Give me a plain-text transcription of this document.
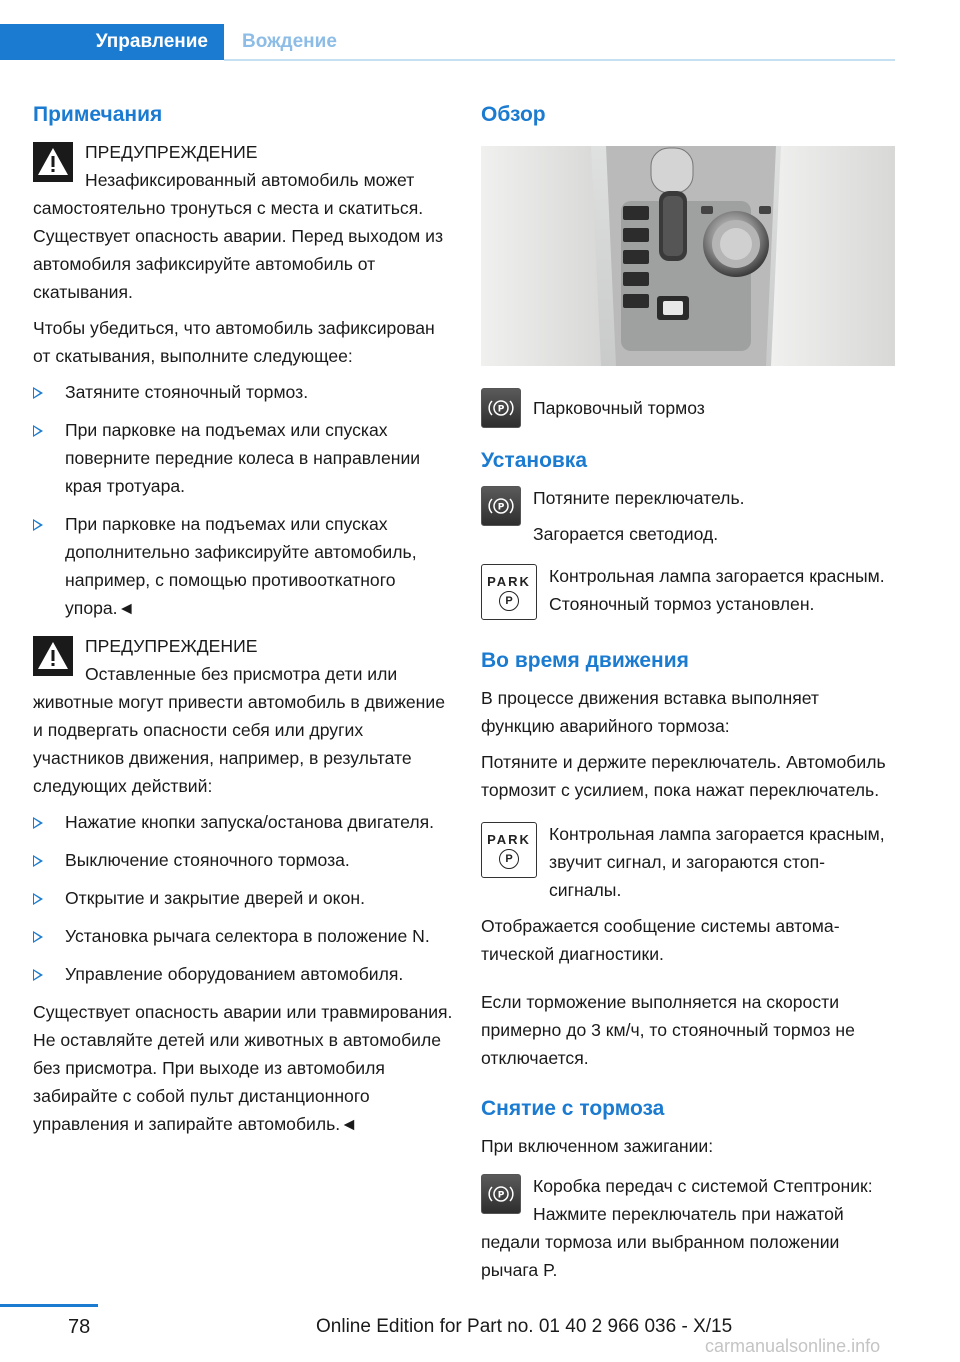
Управление	Вождение
Примечания
ПРЕДУПРЕЖДЕНИЕ
Незафиксированный автомобиль может самостоятельно тронуться с места и скатиться. Существует опасность аварии. Перед выходом из автомобиля зафиксируйте автомобиль от скатывания.

Чтобы убедиться, что автомобиль зафиксирован от скатывания, выполните следующее:

Затяните стояночный тормоз.
При парковке на подъемах или спусках поверните передние колеса в направлении края тротуара.
При парковке на подъемах или спусках дополнительно зафиксируйте автомобиль, например, с помощью противооткатного упора.◄
ПРЕДУПРЕЖДЕНИЕ
Оставленные без присмотра дети или животные могут привести автомобиль в движение и подвергать опасности себя или других участников движения, например, в результате следующих действий:
Нажатие кнопки запуска/останова двигателя.
Выключение стояночного тормоза.
Открытие и закрытие дверей и окон.
Установка рычага селектора в положение N.
Управление оборудованием автомобиля.

Существует опасность аварии или травмирования. Не оставляйте детей или животных в автомобиле без присмотра. При выходе из автомобиля забирайте с собой пульт дистанционного управления и запирайте автомобиль.◄

Обзор
P	Парковочный тормоз
Установка
P	Потяните переключатель.
Загорается светодиод.
PARK
P
Контрольная лампа загорается красным. Стояночный тормоз установлен.
Во время движения

В процессе движения вставка выполняет функцию аварийного тормоза:

Потяните и держите переключатель. Автомобиль тормозит с усилием, пока нажат переключатель.

PARK
P
Контрольная лампа загорается красным, звучит сигнал, и загораются стоп-сигналы.

Отображается сообщение системы автоматической диагностики.

Если торможение выполняется на скорости примерно до 3 км/ч, то стояночный тормоз не отключается.

Снятие с тормоза

При включенном зажигании:

P Коробка передач с системой Стептроник: Нажмите переключатель при нажатой педали тормоза или выбранном положении рычага P.
78	Online Edition for Part no. 01 40 2 966 036 - X/15
carmanualsonline.info
